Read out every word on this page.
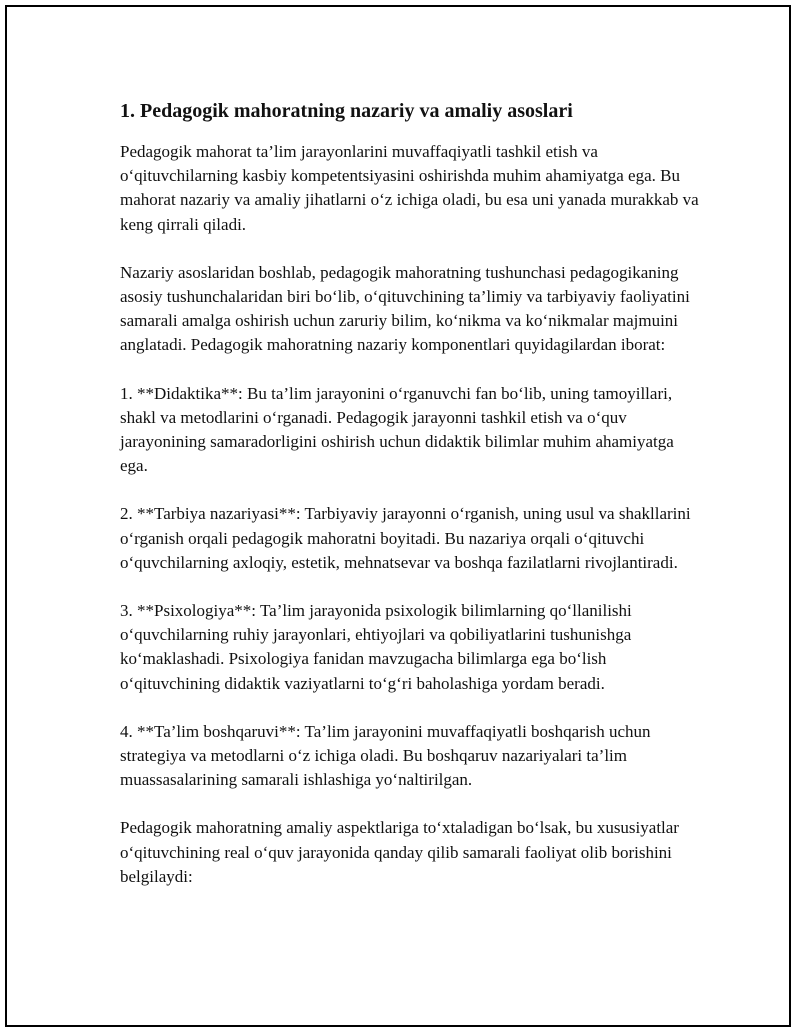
1. Pedagogik mahoratning nazariy va amaliy asoslari

Pedagogik mahorat ta’lim jarayonlarini muvaffaqiyatli tashkil etish va o‘qituvchilarning kasbiy kompetentsiyasini oshirishda muhim ahamiyatga ega. Bu mahorat nazariy va amaliy jihatlarni o‘z ichiga oladi, bu esa uni yanada murakkab va keng qirrali qiladi.

Nazariy asoslaridan boshlab, pedagogik mahoratning tushunchasi pedagogikaning asosiy tushunchalaridan biri bo‘lib, o‘qituvchining ta’limiy va tarbiyaviy faoliyatini samarali amalga oshirish uchun zaruriy bilim, ko‘nikma va ko‘nikmalar majmuini anglatadi. Pedagogik mahoratning nazariy komponentlari quyidagilardan iborat:

1. **Didaktika**: Bu ta’lim jarayonini o‘rganuvchi fan bo‘lib, uning tamoyillari, shakl va metodlarini o‘rganadi. Pedagogik jarayonni tashkil etish va o‘quv jarayonining samaradorligini oshirish uchun didaktik bilimlar muhim ahamiyatga ega.

2. **Tarbiya nazariyasi**: Tarbiyaviy jarayonni o‘rganish, uning usul va shakllarini o‘rganish orqali pedagogik mahoratni boyitadi. Bu nazariya orqali o‘qituvchi o‘quvchilarning axloqiy, estetik, mehnatsevar va boshqa fazilatlarni rivojlantiradi.

3. **Psixologiya**: Ta’lim jarayonida psixologik bilimlarning qo‘llanilishi o‘quvchilarning ruhiy jarayonlari, ehtiyojlari va qobiliyatlarini tushunishga ko‘maklashadi. Psixologiya fanidan mavzugacha bilimlarga ega bo‘lish o‘qituvchining didaktik vaziyatlarni to‘g‘ri baholashiga yordam beradi.

4. **Ta’lim boshqaruvi**: Ta’lim jarayonini muvaffaqiyatli boshqarish uchun strategiya va metodlarni o‘z ichiga oladi. Bu boshqaruv nazariyalari ta’lim muassasalarining samarali ishlashiga yo‘naltirilgan.

Pedagogik mahoratning amaliy aspektlariga to‘xtaladigan bo‘lsak, bu xususiyatlar o‘qituvchining real o‘quv jarayonida qanday qilib samarali faoliyat olib borishini belgilaydi:
